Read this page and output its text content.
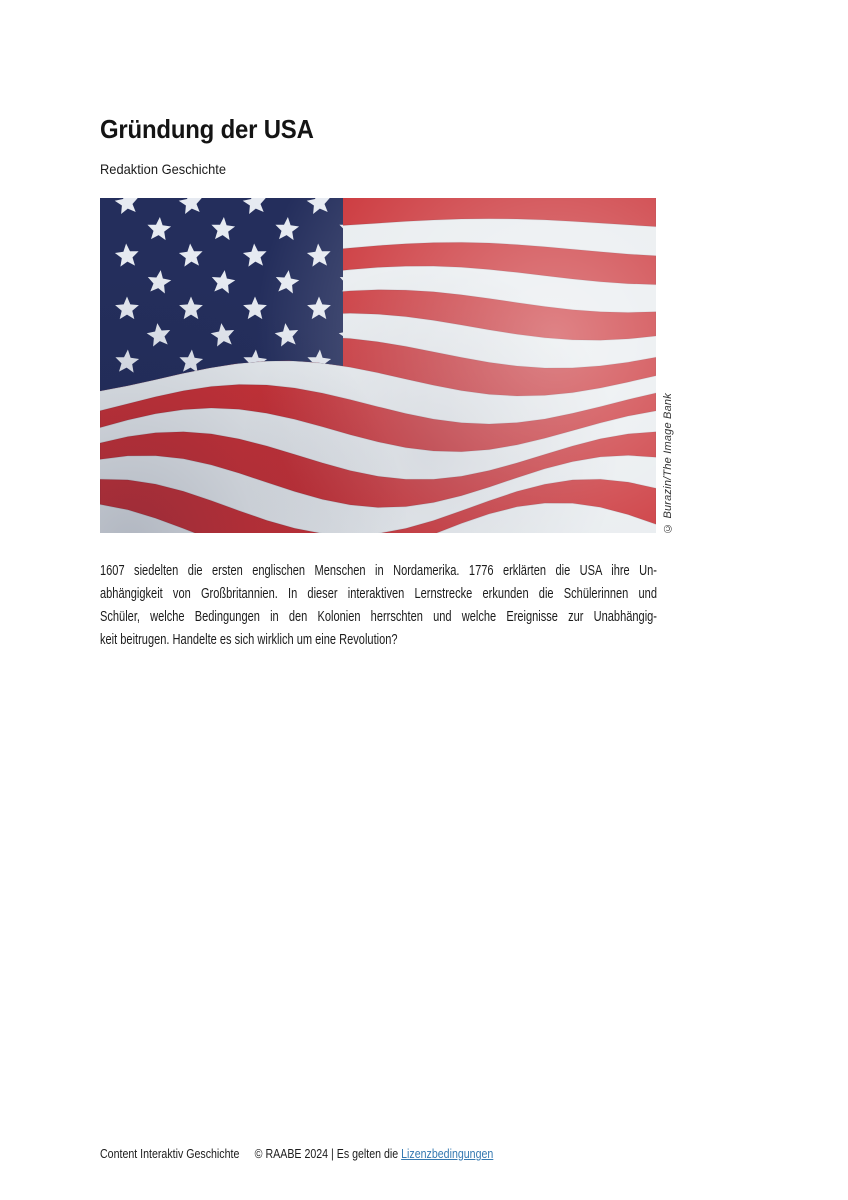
Gründung der USA
Redaktion Geschichte
© Burazin/The Image Bank
1607 siedelten die ersten englischen Menschen in Nordamerika. 1776 erklärten die USA ihre Un-
abhängigkeit von Großbritannien. In dieser interaktiven Lernstrecke erkunden die Schülerinnen und
Schüler, welche Bedingungen in den Kolonien herrschten und welche Ereignisse zur Unabhängig-
keit beitrugen. Handelte es sich wirklich um eine Revolution?
Content Interaktiv Geschichte © RAABE 2024 | Es gelten die Lizenzbedingungen
